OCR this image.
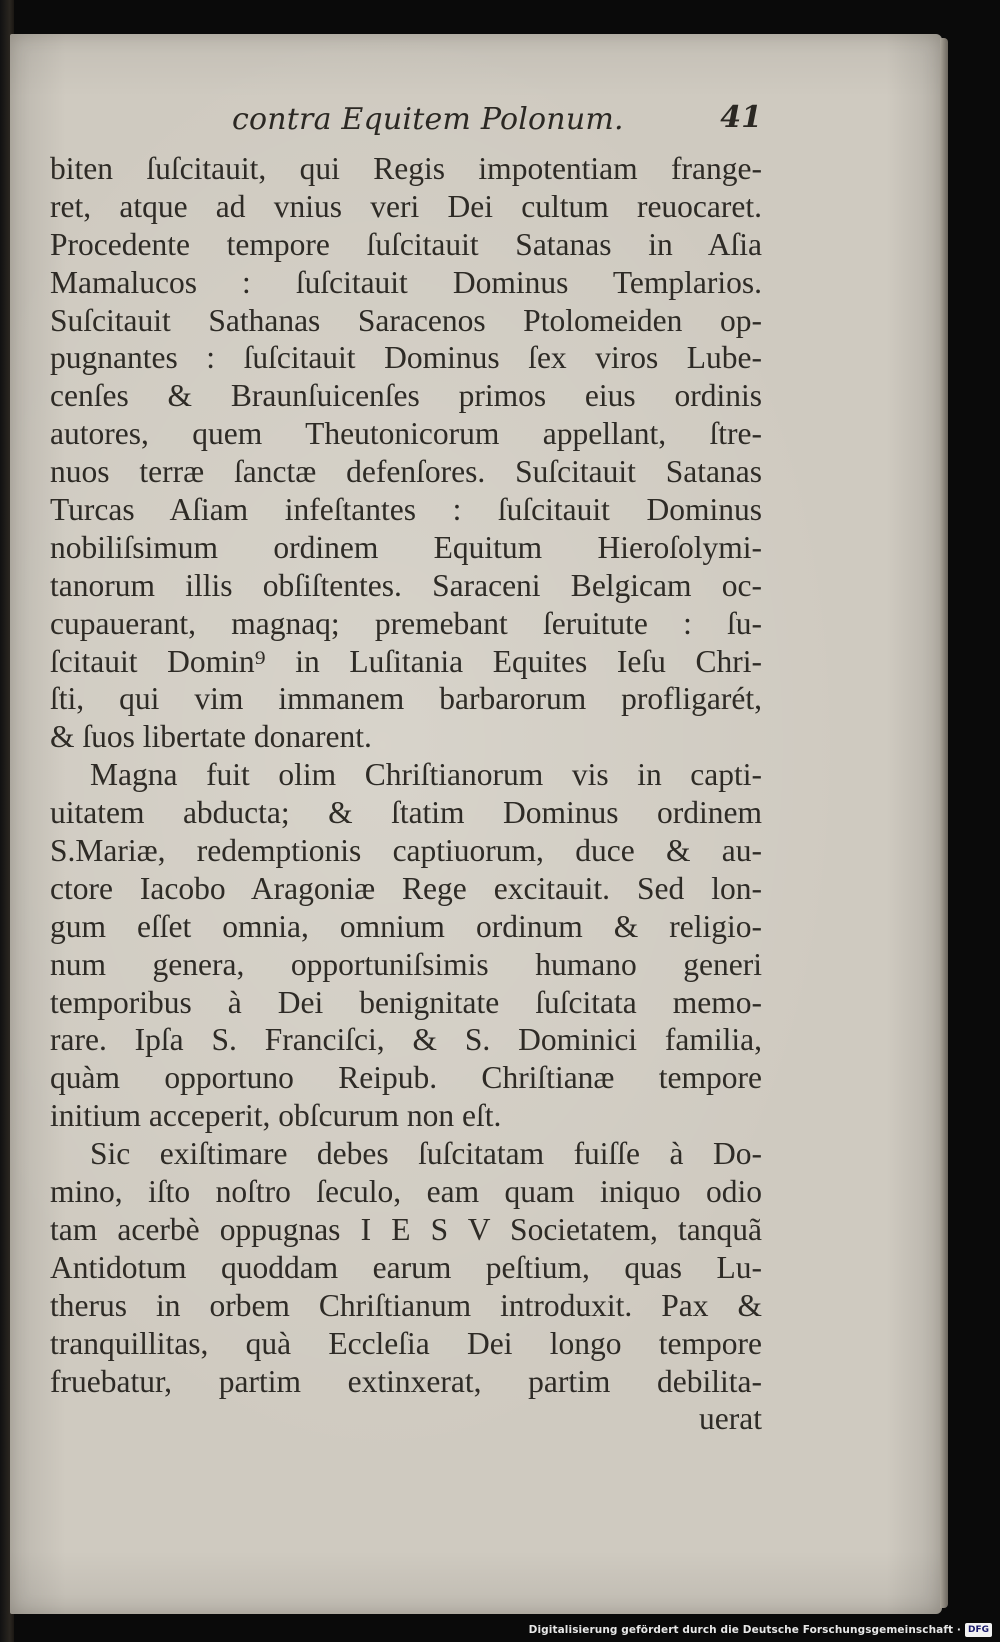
contra Equitem Polonum.	41
biten ſuſcitauit, qui Regis impotentiam frange-
ret, atque ad vnius veri Dei cultum reuocaret.
Procedente tempore ſuſcitauit Satanas in Aſia
Mamalucos : ſuſcitauit Dominus Templarios.
Suſcitauit Sathanas Saracenos Ptolomeiden op-
pugnantes : ſuſcitauit Dominus ſex viros Lube-
cenſes & Braunſuicenſes primos eius ordinis
autores, quem Theutonicorum appellant, ſtre-
nuos terræ ſanctæ defenſores. Suſcitauit Satanas
Turcas Aſiam infeſtantes : ſuſcitauit Dominus
nobiliſsimum ordinem Equitum Hieroſolymi-
tanorum illis obſiſtentes. Saraceni Belgicam oc-
cupauerant, magnaq; premebant ſeruitute : ſu-
ſcitauit Domin⁹ in Luſitania Equites Ieſu Chri-
ſti, qui vim immanem barbarorum profligarét,
& ſuos libertate donarent.
Magna fuit olim Chriſtianorum vis in capti-
uitatem abducta; & ſtatim Dominus ordinem
S.Mariæ, redemptionis captiuorum, duce & au-
ctore Iacobo Aragoniæ Rege excitauit. Sed lon-
gum eſſet omnia, omnium ordinum & religio-
num genera, opportuniſsimis humano generi
temporibus à Dei benignitate ſuſcitata memo-
rare. Ipſa S. Franciſci, & S. Dominici familia,
quàm opportuno Reipub. Chriſtianæ tempore
initium acceperit, obſcurum non eſt.
Sic exiſtimare debes ſuſcitatam fuiſſe à Do-
mino, iſto noſtro ſeculo, eam quam iniquo odio
tam acerbè oppugnas I E S V Societatem, tanquã
Antidotum quoddam earum peſtium, quas Lu-
therus in orbem Chriſtianum introduxit. Pax &
tranquillitas, quà Eccleſia Dei longo tempore
fruebatur, partim extinxerat, partim debilita-
uerat
Digitalisierung gefördert durch die Deutsche Forschungsgemeinschaft · DFG
